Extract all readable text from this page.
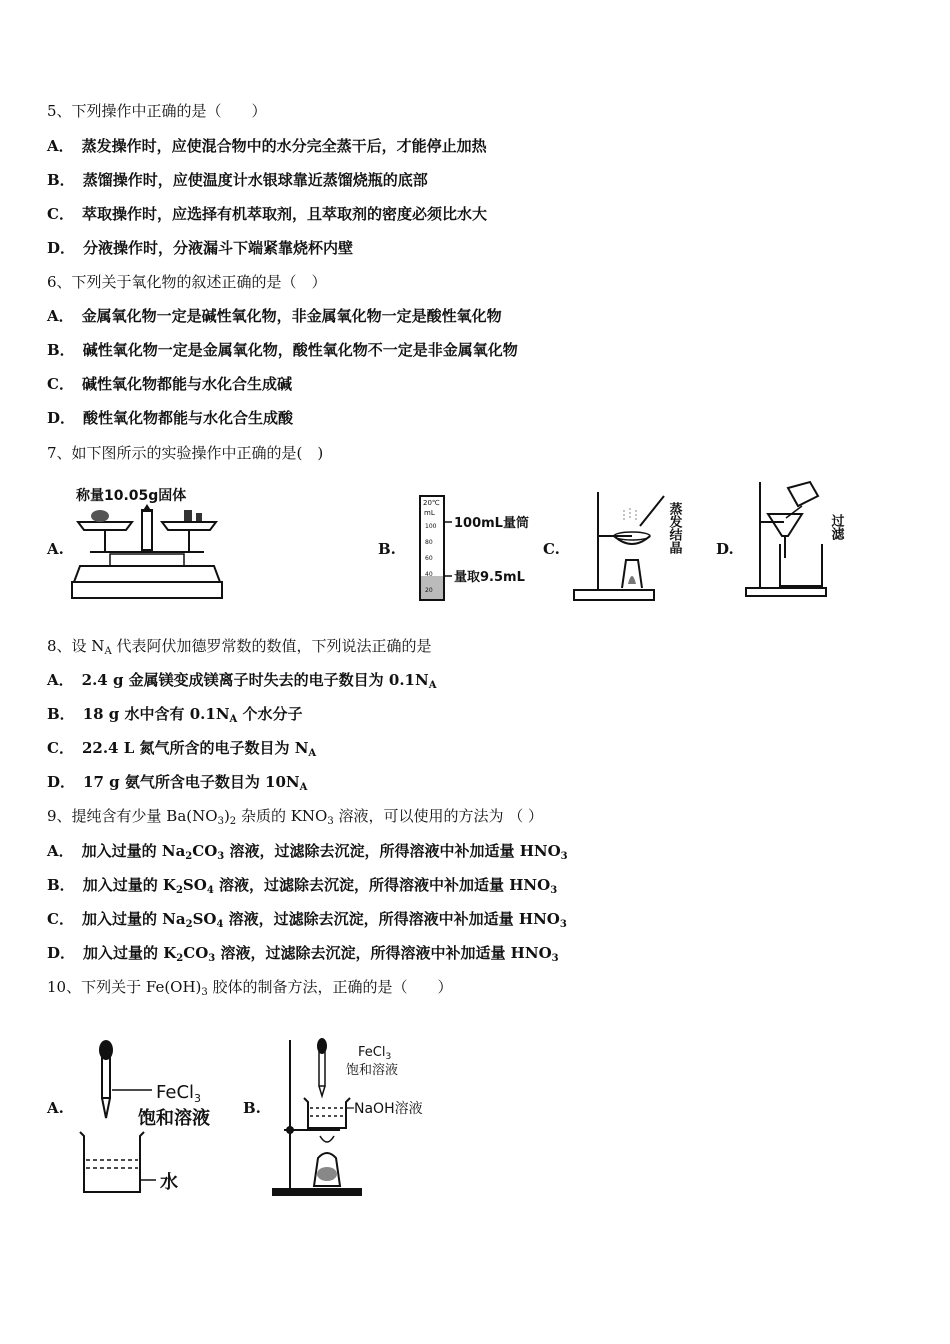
5、下列操作中正确的是（　　）
A． 蒸发操作时，应使混合物中的水分完全蒸干后，才能停止加热
B． 蒸馏操作时，应使温度计水银球靠近蒸馏烧瓶的底部
C． 萃取操作时，应选择有机萃取剂，且萃取剂的密度必须比水大
D． 分液操作时，分液漏斗下端紧靠烧杯内壁
6、下列关于氧化物的叙述正确的是（　）
A． 金属氧化物一定是碱性氧化物，非金属氧化物一定是酸性氧化物
B． 碱性氧化物一定是金属氧化物，酸性氧化物不一定是非金属氧化物
C． 碱性氧化物都能与水化合生成碱
D． 酸性氧化物都能与水化合生成酸
7、如下图所示的实验操作中正确的是(　)
A.
称量10.05g固体
B.
20℃
mL
100
80
60
40
20
100mL量筒
量取9.5mL
C.	蒸发结晶 D.
过滤
8、设 $N_A$ 代表阿伏加德罗常数的数值，下列说法正确的是
A． 2.4 g 金属镁变成镁离子时失去的电子数目为 $0.1N_A$
B． 18 g 水中含有 $0.1N_A$ 个水分子
C． 22.4 L 氮气所含的电子数目为 $N_A$
D． 17 g 氨气所含电子数目为 $10N_A$
9、提纯含有少量 $Ba(NO_3)_2$ 杂质的 $KNO_3$ 溶液，可以使用的方法为 （ ）
A． 加入过量的 $Na_2CO_3$ 溶液，过滤除去沉淀，所得溶液中补加适量 $HNO_3$
B． 加入过量的 $K_2SO_4$ 溶液，过滤除去沉淀，所得溶液中补加适量 $HNO_3$
C． 加入过量的 $Na_2SO_4$ 溶液，过滤除去沉淀，所得溶液中补加适量 $HNO_3$
D． 加入过量的 $K_2CO_3$ 溶液，过滤除去沉淀，所得溶液中补加适量 $HNO_3$
10、下列关于 $Fe(OH)_3$ 胶体的制备方法，正确的是（　　）
A.
FeCl$_3$
饱和溶液
水
B.
FeCl$_3$
饱和溶液
NaOH溶液
